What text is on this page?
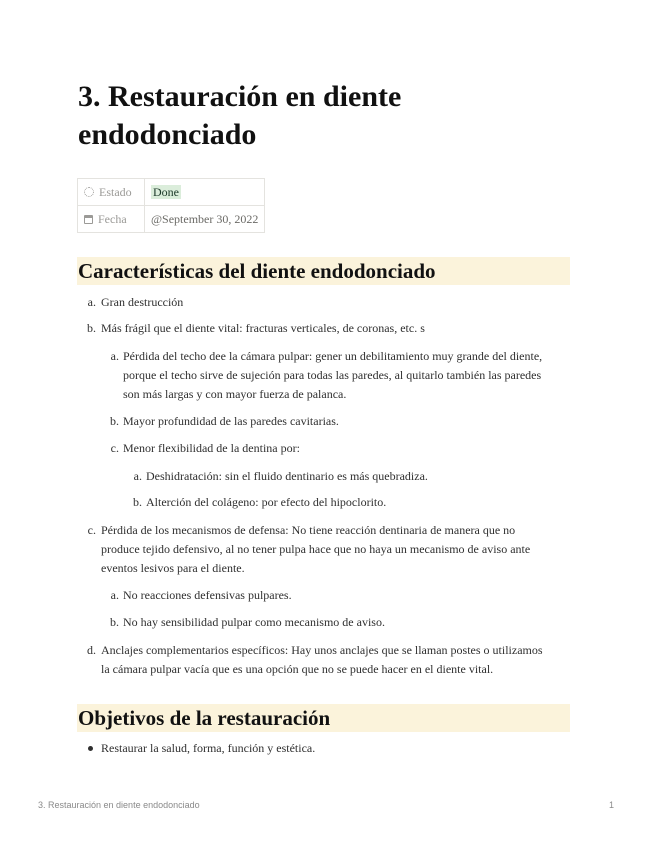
3. Restauración en diente endodonciado
Estado	Done
Fecha	@September 30, 2022
Características del diente endodonciado
a. Gran destrucción
b. Más frágil que el diente vital: fracturas verticales, de coronas, etc. s
a. Pérdida del techo dee la cámara pulpar: gener un debilitamiento muy grande del diente,
porque el techo sirve de sujeción para todas las paredes, al quitarlo también las paredes
son más largas y con mayor fuerza de palanca.
b. Mayor profundidad de las paredes cavitarias.
c. Menor flexibilidad de la dentina por:
a. Deshidratación: sin el fluido dentinario es más quebradiza.
b. Alterción del colágeno: por efecto del hipoclorito.
c. Pérdida de los mecanismos de defensa: No tiene reacción dentinaria de manera que no
produce tejido defensivo, al no tener pulpa hace que no haya un mecanismo de aviso ante
eventos lesivos para el diente.
a. No reacciones defensivas pulpares.
b. No hay sensibilidad pulpar como mecanismo de aviso.
d. Anclajes complementarios específicos: Hay unos anclajes que se llaman postes o utilizamos
la cámara pulpar vacía que es una opción que no se puede hacer en el diente vital.
Objetivos de la restauración
Restaurar la salud, forma, función y estética.
3. Restauración en diente endodonciado	1
